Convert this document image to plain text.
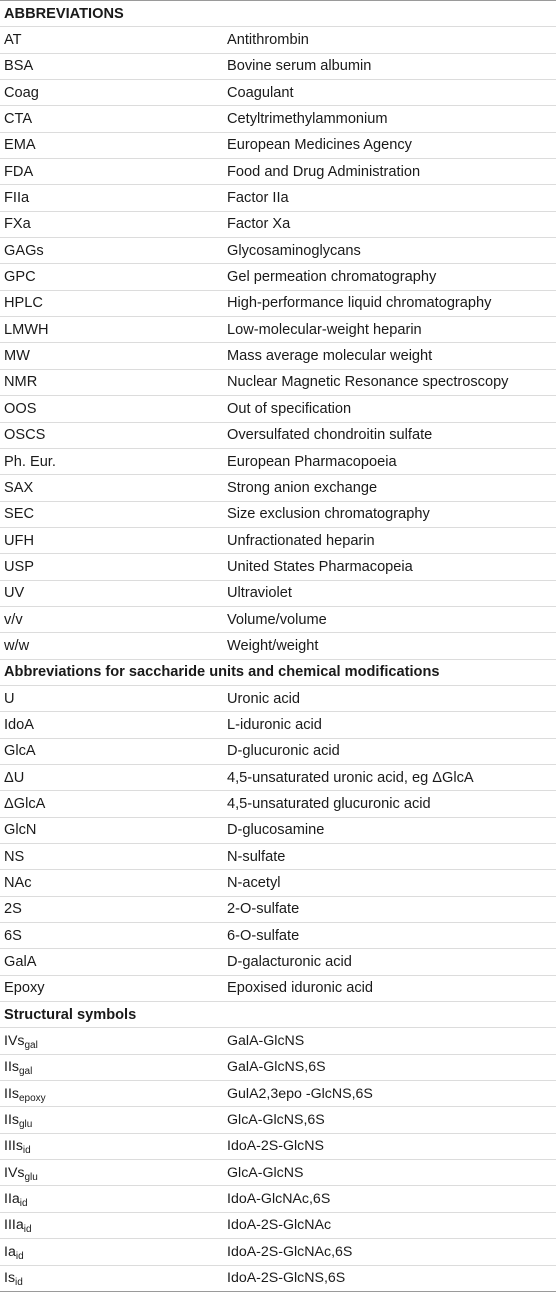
ABBREVIATIONS
AT	Antithrombin
BSA	Bovine serum albumin
Coag	Coagulant
CTA	Cetyltrimethylammonium
EMA	European Medicines Agency
FDA	Food and Drug Administration
FIIa	Factor IIa
FXa	Factor Xa
GAGs	Glycosaminoglycans
GPC	Gel permeation chromatography
HPLC	High-performance liquid chromatography
LMWH	Low-molecular-weight heparin
MW	Mass average molecular weight
NMR	Nuclear Magnetic Resonance spectroscopy
OOS	Out of specification
OSCS	Oversulfated chondroitin sulfate
Ph. Eur.	European Pharmacopoeia
SAX	Strong anion exchange
SEC	Size exclusion chromatography
UFH	Unfractionated heparin
USP	United States Pharmacopeia
UV	Ultraviolet
v/v	Volume/volume
w/w	Weight/weight
Abbreviations for saccharide units and chemical modifications
U	Uronic acid
IdoA	L-iduronic acid
GlcA	D-glucuronic acid
ΔU	4,5-unsaturated uronic acid, eg ΔGlcA
ΔGlcA	4,5-unsaturated glucuronic acid
GlcN	D-glucosamine
NS	N-sulfate
NAc	N-acetyl
2S	2-O-sulfate
6S	6-O-sulfate
GalA	D-galacturonic acid
Epoxy	Epoxised iduronic acid
Structural symbols
IVs$_{gal}$	GalA-GlcNS
IIs$_{gal}$	GalA-GlcNS,6S
IIs$_{epoxy}$	GulA2,3epo -GlcNS,6S
IIs$_{glu}$	GlcA-GlcNS,6S
IIIs$_{id}$	IdoA-2S-GlcNS
IVs$_{glu}$	GlcA-GlcNS
IIa$_{id}$	IdoA-GlcNAc,6S
IIIa$_{id}$	IdoA-2S-GlcNAc
$Ia_{id}$	IdoA-2S-GlcNAc,6S
$Is_{id}$	IdoA-2S-GlcNS,6S
